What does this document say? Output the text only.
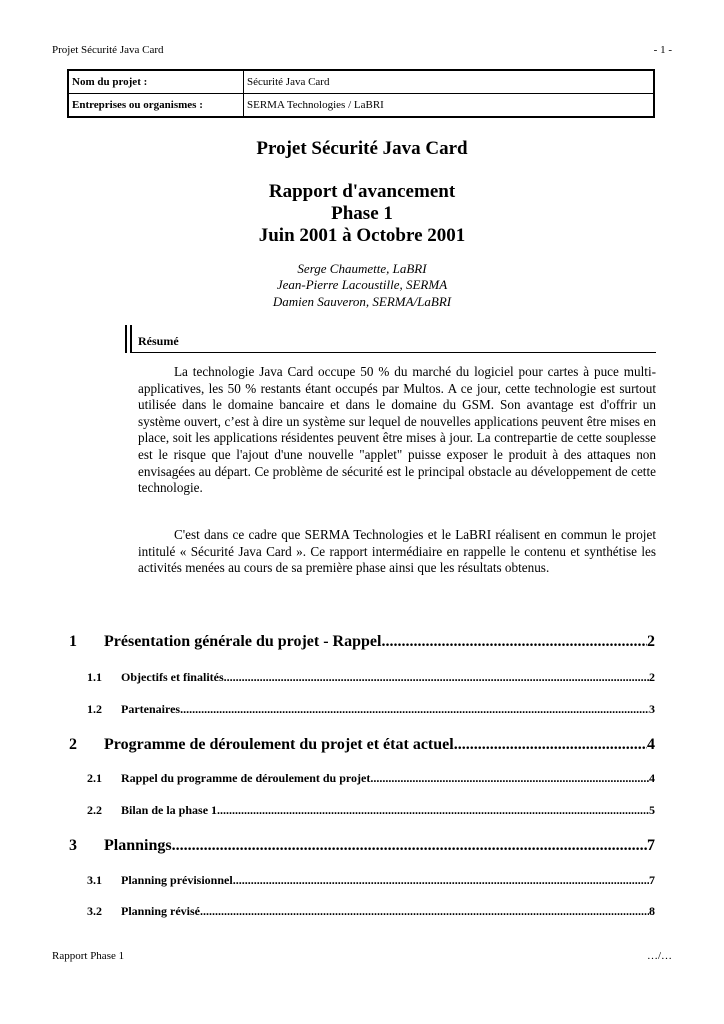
Projet Sécurité Java Card	- 1 -
Nom du projet :	Sécurité Java Card
Entreprises ou organismes :	SERMA Technologies / LaBRI
Projet Sécurité Java Card
Rapport d'avancement
Phase 1
Juin 2001 à Octobre 2001
Serge Chaumette, LaBRI
Jean-Pierre Lacoustille, SERMA
Damien Sauveron, SERMA/LaBRI
Résumé
La technologie Java Card occupe 50 % du marché du logiciel pour cartes à puce multi-applicatives, les 50 % restants étant occupés par Multos. A ce jour, cette technologie est surtout utilisée dans le domaine bancaire et dans le domaine du GSM. Son avantage est d'offrir un système ouvert, c’est à dire un système sur lequel de nouvelles applications peuvent être mises en place, soit les applications résidentes peuvent être mises à jour. La contrepartie de cette souplesse est le risque que l'ajout d'une nouvelle "applet" puisse exposer le produit à des attaques non envisagées au départ. Ce problème de sécurité est le principal obstacle au développement de cette technologie.
C'est dans ce cadre que SERMA Technologies et le LaBRI réalisent en commun le projet intitulé « Sécurité Java Card ». Ce rapport intermédiaire en rappelle le contenu et synthétise les activités menées au cours de sa première phase ainsi que les résultats obtenus.
1	Présentation générale du projet - Rappel .....	2
1.1	Objectifs et finalités .....	2
1.2	Partenaires .....	3
2	Programme de déroulement du projet et état actuel .....	4
2.1	Rappel du programme de déroulement du projet .....	4
2.2	Bilan de la phase 1 .....	5
3	Plannings .....	7
3.1	Planning prévisionnel .....	7
3.2	Planning révisé .....	8
Rapport Phase 1	…/…
